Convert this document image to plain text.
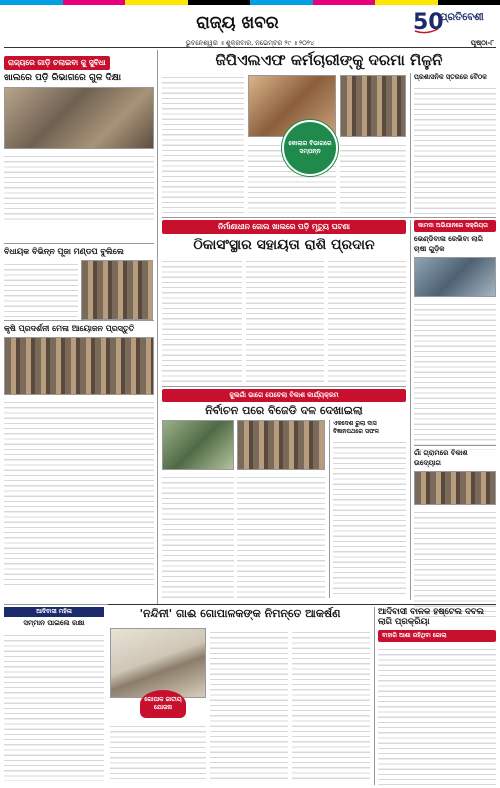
ରାଜ୍ୟ ଖବର	50
ପ୍ରତିବେଶୀ
ଭୁବନେଶ୍ୱର ॥ ଶୁକ୍ରବାର, ନଭେମ୍ବର ୨୯ ॥ ୨୦୨୪	ପୃଷ୍ଠା-୮
ରାଜ୍ୟରେ ଗାଡ଼ି ଚଲାଇବା କୁ ସୁବିଧା
ଖାଲରେ ପଡ଼ି ରିଭାଗରେ ଗୁଳ ଦିକ୍ଷା
ବିଧାୟକ ବିଭିନ୍ନ ପୂଜା ମଣ୍ଡପ ବୁଲିଲେ
କୃଷି ପ୍ରଦର୍ଶନୀ ମେଳା ଆୟୋଜନ ପ୍ରସ୍ତୁତି
ଆଦିବାସୀ ମହିଳା
ସମ୍ମାନ ପାଇଲେ ରକ୍ଷା
ଜିପିଏଲଏଫ କର୍ମଚାରୀଙ୍କୁ ଦରମା ମିଳୁନି
କୋଲାର ବିଭାଗରେ ସମ୍ପନ୍ନ
ପ୍ରଶାସନିକ ସ୍ତରରେ ବୈଠକ
ନିର୍ମାଣାଧୀନ ଜୋଲ ଖାଲରେ ପଡ଼ି ମୃତ୍ୟୁ ଘଟଣା
ଠିକାସଂସ୍ଥାର ସହାୟତା ରାଶି ପ୍ରଦାନ
କାମଦା ଅଭିଯାନରେ ସକ୍ରିୟତା
ଭେଣ୍ଡିବାଳା ରେଭିବା ଲାଗି ଚାଷୀ ଗୁଡ଼ିକ
ଗାଁ ଗ୍ରାମରେ ବିକାଶ ଉଦ୍ୟୋଗ
ଜୁଲଗାଁ ଭାଗେ ପେଚେଲା ବିକାଶ କାର୍ଯ୍ୟକ୍ରମ
ନିର୍ବାଚନ ପରେ ବିଜେଡି ଦଳ ଦେଖାଇଲା
ଏକଦେଶ ରୁଲା ଦାସ ବିଜ୍ଞାନପଥରେ ସଫଳ
'ନନ୍ଦିନୀ' ଗାଈ ଗୋପାଳକଙ୍କ ନିମନ୍ତେ ଆକର୍ଷଣ
ଗୋପାଳ ଜାତୀୟ ଯୋଜନା
ଆଦିବାସୀ ବାଳକ ହଷ୍ଟେଲ ଦବଲ ଲାଗି ପ୍ରକ୍ରିୟା
ବାହାରି ଆଶା ରହିଥିବା ଜୋଲା
